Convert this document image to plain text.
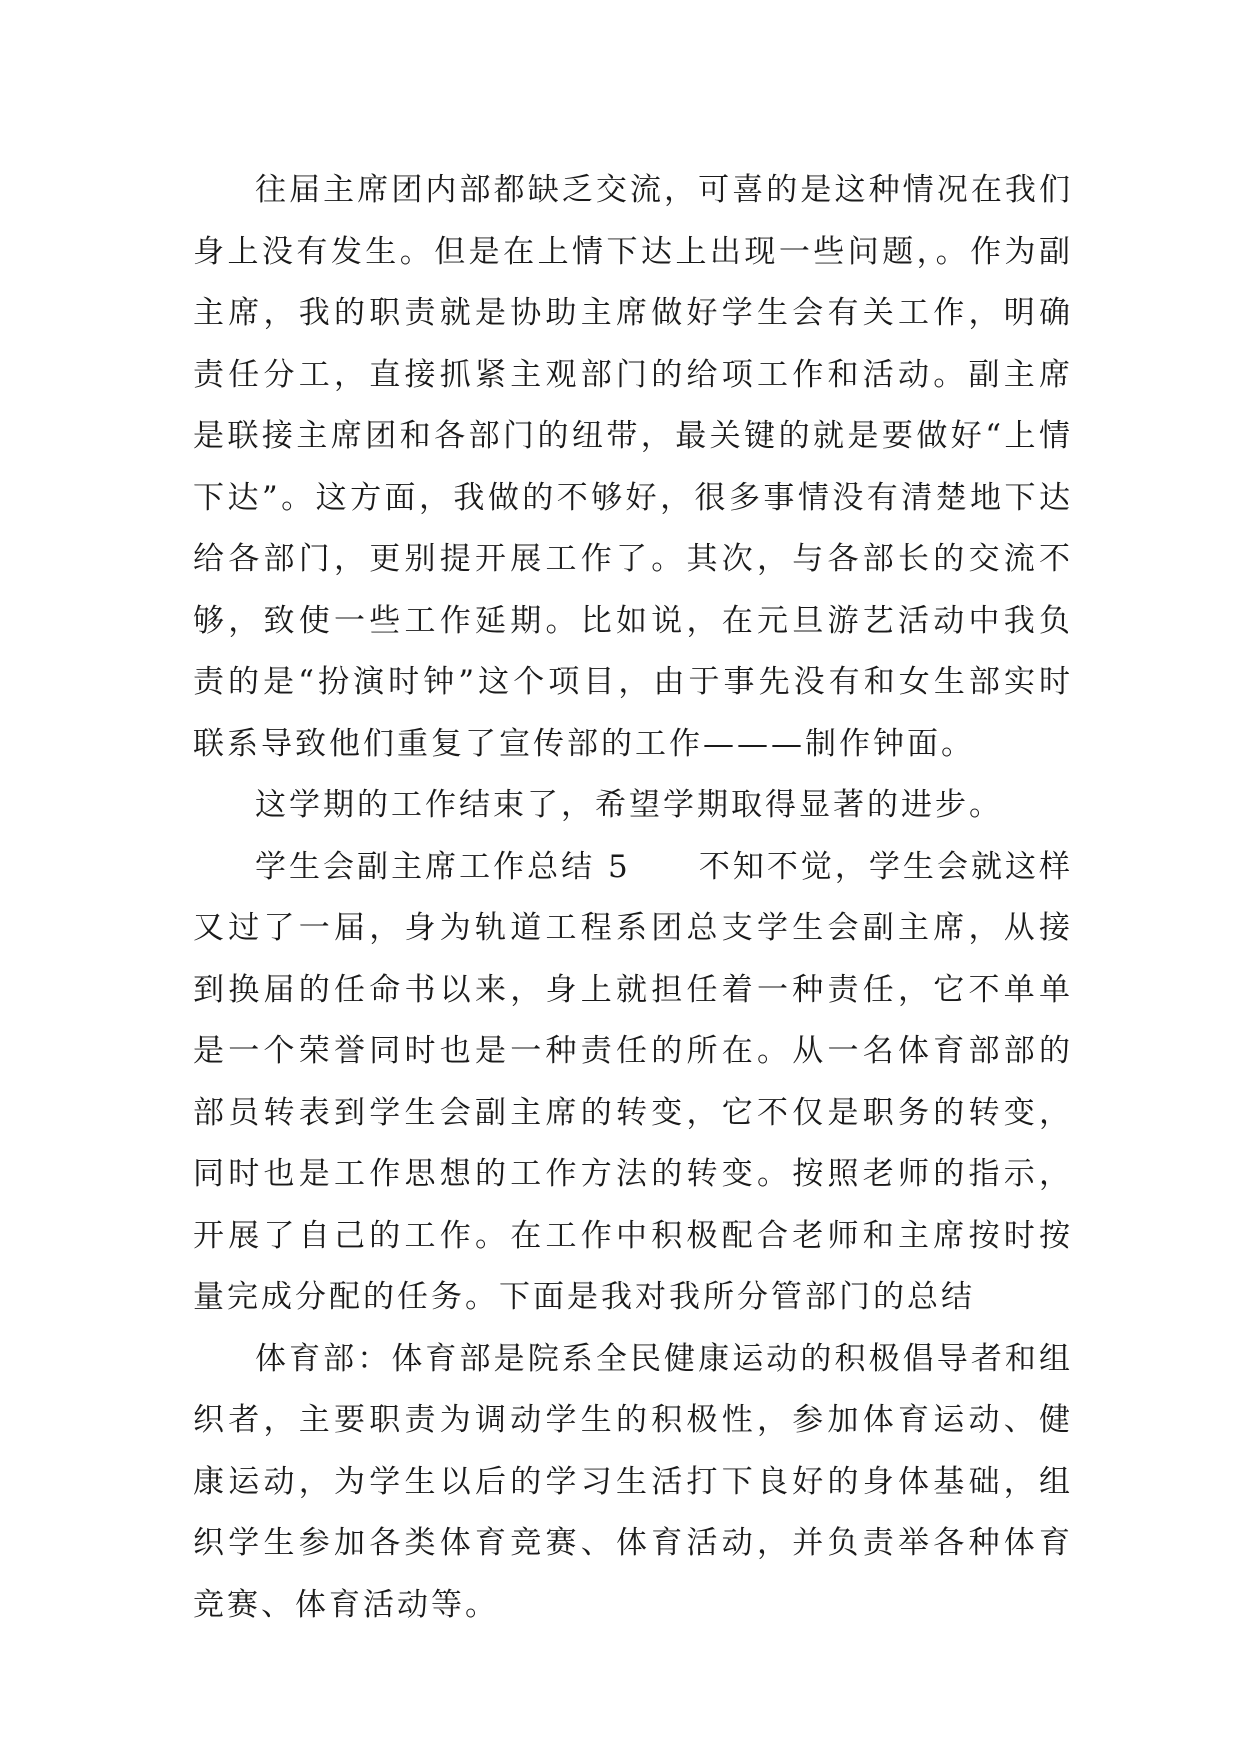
往届主席团内部都缺乏交流，可喜的是这种情况在我们身上没有发生。但是在上情下达上出现一些问题，。作为副主席，我的职责就是协助主席做好学生会有关工作，明确责任分工，直接抓紧主观部门的给项工作和活动。副主席是联接主席团和各部门的纽带，最关键的就是要做好“上情下达”。这方面，我做的不够好，很多事情没有清楚地下达给各部门，更别提开展工作了。其次，与各部长的交流不够，致使一些工作延期。比如说，在元旦游艺活动中我负责的是“扮演时钟”这个项目，由于事先没有和女生部实时联系导致他们重复了宣传部的工作———制作钟面。

这学期的工作结束了，希望学期取得显著的进步。

学生会副主席工作总结 5　　不知不觉，学生会就这样又过了一届，身为轨道工程系团总支学生会副主席，从接到换届的任命书以来，身上就担任着一种责任，它不单单是一个荣誉同时也是一种责任的所在。从一名体育部部的部员转表到学生会副主席的转变，它不仅是职务的转变，同时也是工作思想的工作方法的转变。按照老师的指示，开展了自己的工作。在工作中积极配合老师和主席按时按量完成分配的任务。下面是我对我所分管部门的总结

体育部：体育部是院系全民健康运动的积极倡导者和组织者，主要职责为调动学生的积极性，参加体育运动、健康运动，为学生以后的学习生活打下良好的身体基础，组织学生参加各类体育竞赛、体育活动，并负责举各种体育竞赛、体育活动等。
